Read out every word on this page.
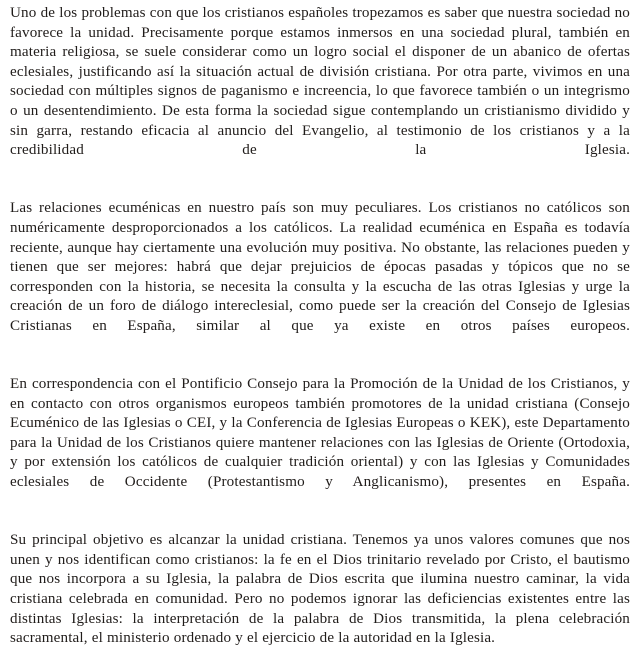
Uno de los problemas con que los cristianos españoles tropezamos es saber que nuestra sociedad no favorece la unidad. Precisamente porque estamos inmersos en una sociedad plural, también en materia religiosa, se suele considerar como un logro social el disponer de un abanico de ofertas eclesiales, justificando así la situación actual de división cristiana. Por otra parte, vivimos en una sociedad con múltiples signos de paganismo e increencia, lo que favorece también o un integrismo o un desentendimiento. De esta forma la sociedad sigue contemplando un cristianismo dividido y sin garra, restando eficacia al anuncio del Evangelio, al testimonio de los cristianos y a la credibilidad de la Iglesia.

Las relaciones ecuménicas en nuestro país son muy peculiares. Los cristianos no católicos son numéricamente desproporcionados a los católicos. La realidad ecuménica en España es todavía reciente, aunque hay ciertamente una evolución muy positiva. No obstante, las relaciones pueden y tienen que ser mejores: habrá que dejar prejuicios de épocas pasadas y tópicos que no se corresponden con la historia, se necesita la consulta y la escucha de las otras Iglesias y urge la creación de un foro de diálogo intereclesial, como puede ser la creación del Consejo de Iglesias Cristianas en España, similar al que ya existe en otros países europeos.

En correspondencia con el Pontificio Consejo para la Promoción de la Unidad de los Cristianos, y en contacto con otros organismos europeos también promotores de la unidad cristiana (Consejo Ecuménico de las Iglesias o CEI, y la Conferencia de Iglesias Europeas o KEK), este Departamento para la Unidad de los Cristianos quiere mantener relaciones con las Iglesias de Oriente (Ortodoxia, y por extensión los católicos de cualquier tradición oriental) y con las Iglesias y Comunidades eclesiales de Occidente (Protestantismo y Anglicanismo), presentes en España.

Su principal objetivo es alcanzar la unidad cristiana. Tenemos ya unos valores comunes que nos unen y nos identifican como cristianos: la fe en el Dios trinitario revelado por Cristo, el bautismo que nos incorpora a su Iglesia, la palabra de Dios escrita que ilumina nuestro caminar, la vida cristiana celebrada en comunidad. Pero no podemos ignorar las deficiencias existentes entre las distintas Iglesias: la interpretación de la palabra de Dios transmitida, la plena celebración sacramental, el ministerio ordenado y el ejercicio de la autoridad en la Iglesia.
